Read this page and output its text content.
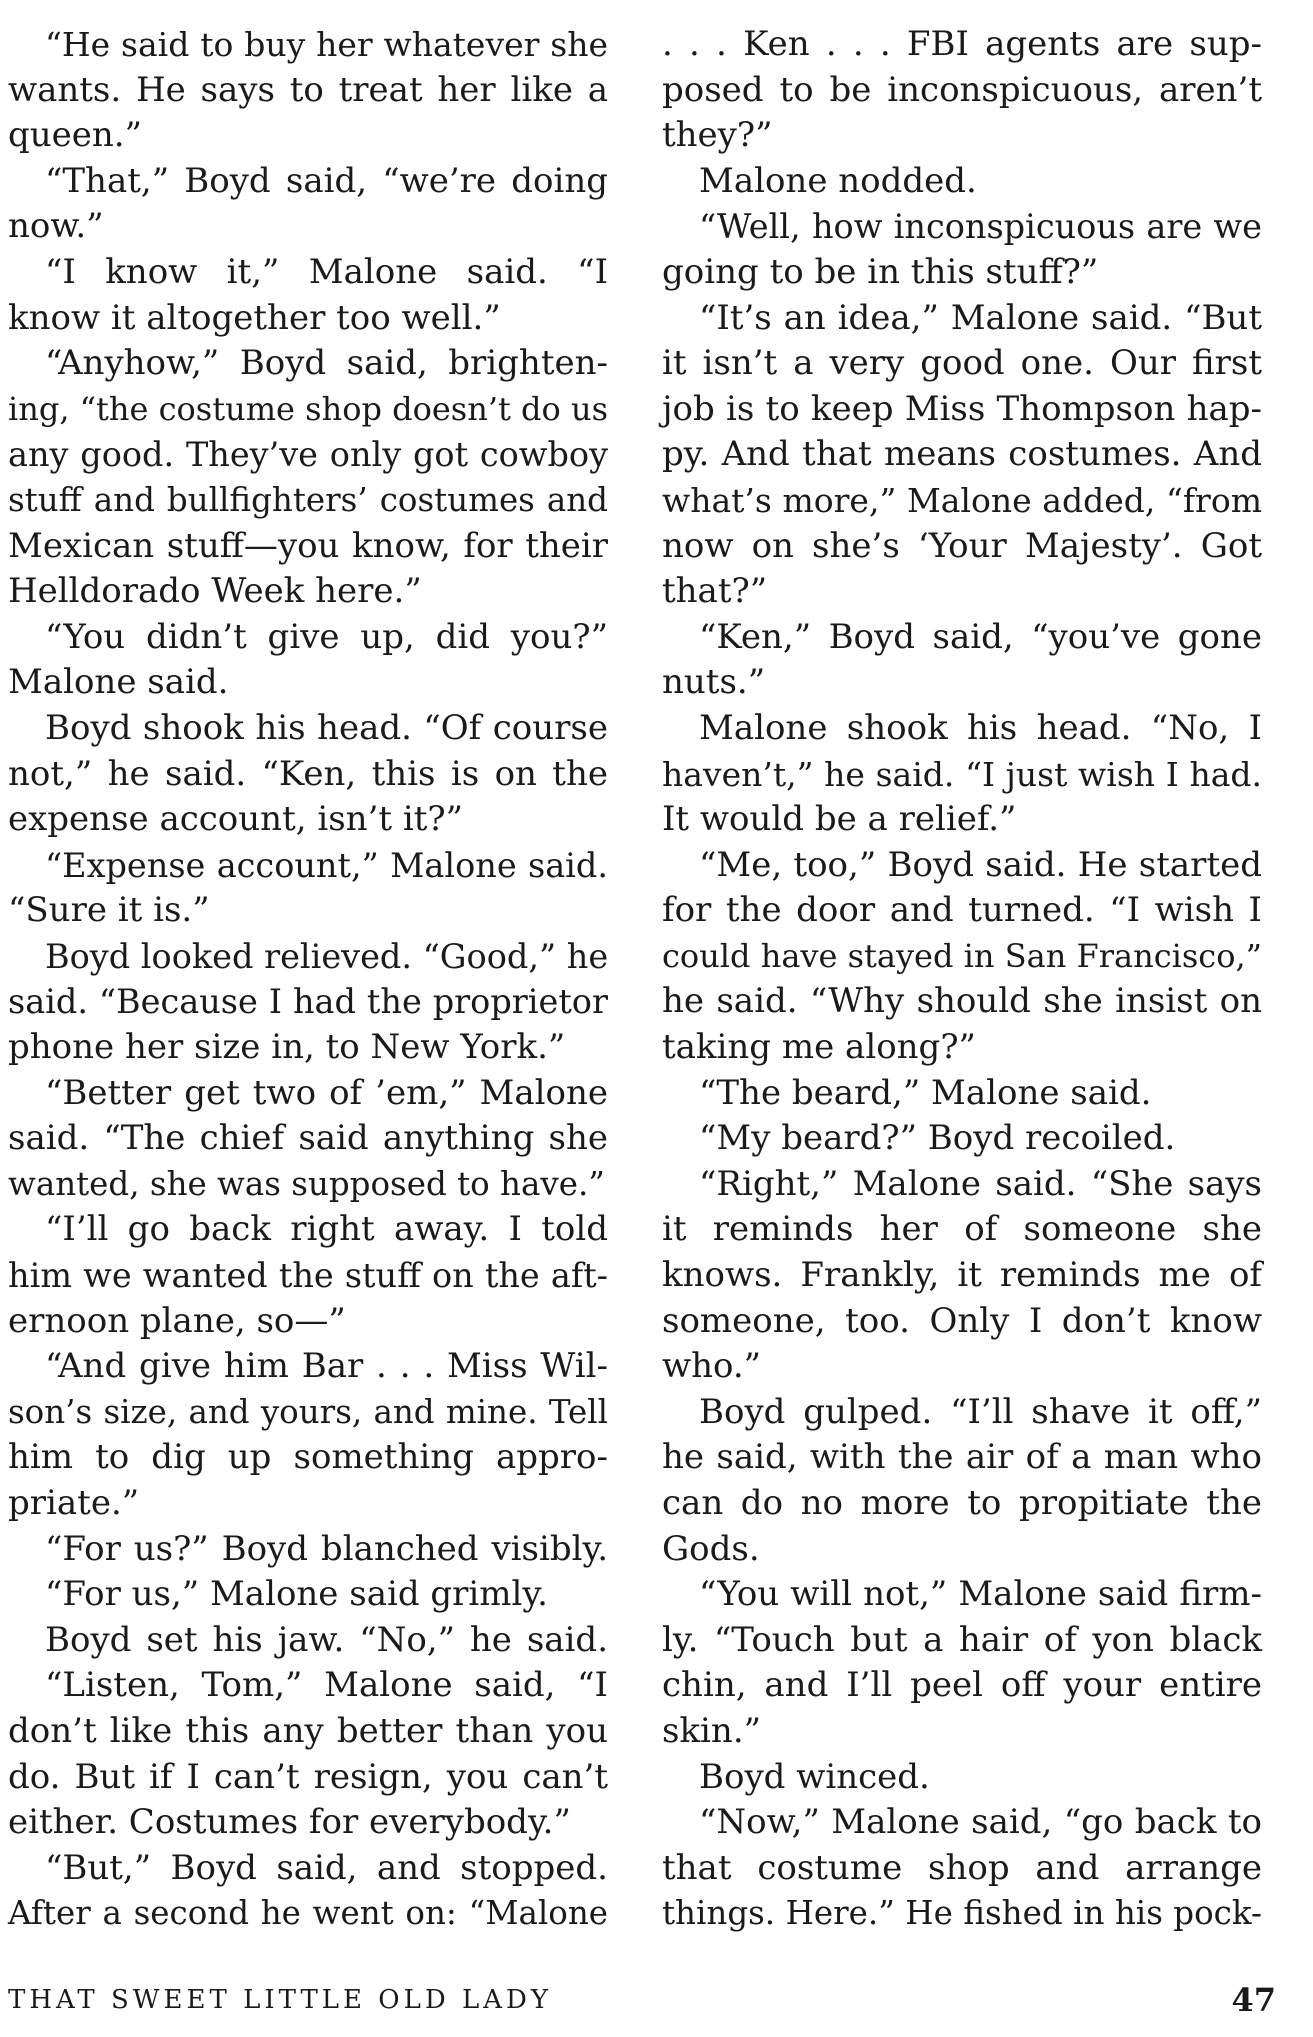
“He said to buy her whatever she
wants. He says to treat her like a
queen.”
“That,” Boyd said, “we’re doing
now.”
“I know it,” Malone said. “I
know it altogether too well.”
“Anyhow,” Boyd said, brighten-
ing, “the costume shop doesn’t do us
any good. They’ve only got cowboy
stuff and bullfighters’ costumes and
Mexican stuff—you know, for their
Helldorado Week here.”
“You didn’t give up, did you?”
Malone said.
Boyd shook his head. “Of course
not,” he said. “Ken, this is on the
expense account, isn’t it?”
“Expense account,” Malone said.
“Sure it is.”
Boyd looked relieved. “Good,” he
said. “Because I had the proprietor
phone her size in, to New York.”
“Better get two of ’em,” Malone
said. “The chief said anything she
wanted, she was supposed to have.”
“I’ll go back right away. I told
him we wanted the stuff on the aft-
ernoon plane, so—”
“And give him Bar . . . Miss Wil-
son’s size, and yours, and mine. Tell
him to dig up something appro-
priate.”
“For us?” Boyd blanched visibly.
“For us,” Malone said grimly.
Boyd set his jaw. “No,” he said.
“Listen, Tom,” Malone said, “I
don’t like this any better than you
do. But if I can’t resign, you can’t
either. Costumes for everybody.”
“But,” Boyd said, and stopped.
After a second he went on: “Malone
. . . Ken . . . FBI agents are sup-
posed to be inconspicuous, aren’t
they?”
Malone nodded.
“Well, how inconspicuous are we
going to be in this stuff?”
“It’s an idea,” Malone said. “But
it isn’t a very good one. Our first
job is to keep Miss Thompson hap-
py. And that means costumes. And
what’s more,” Malone added, “from
now on she’s ‘Your Majesty’. Got
that?”
“Ken,” Boyd said, “you’ve gone
nuts.”
Malone shook his head. “No, I
haven’t,” he said. “I just wish I had.
It would be a relief.”
“Me, too,” Boyd said. He started
for the door and turned. “I wish I
could have stayed in San Francisco,”
he said. “Why should she insist on
taking me along?”
“The beard,” Malone said.
“My beard?” Boyd recoiled.
“Right,” Malone said. “She says
it reminds her of someone she
knows. Frankly, it reminds me of
someone, too. Only I don’t know
who.”
Boyd gulped. “I’ll shave it off,”
he said, with the air of a man who
can do no more to propitiate the
Gods.
“You will not,” Malone said firm-
ly. “Touch but a hair of yon black
chin, and I’ll peel off your entire
skin.”
Boyd winced.
“Now,” Malone said, “go back to
that costume shop and arrange
things. Here.” He fished in his pock-
THAT SWEET LITTLE OLD LADY	47
